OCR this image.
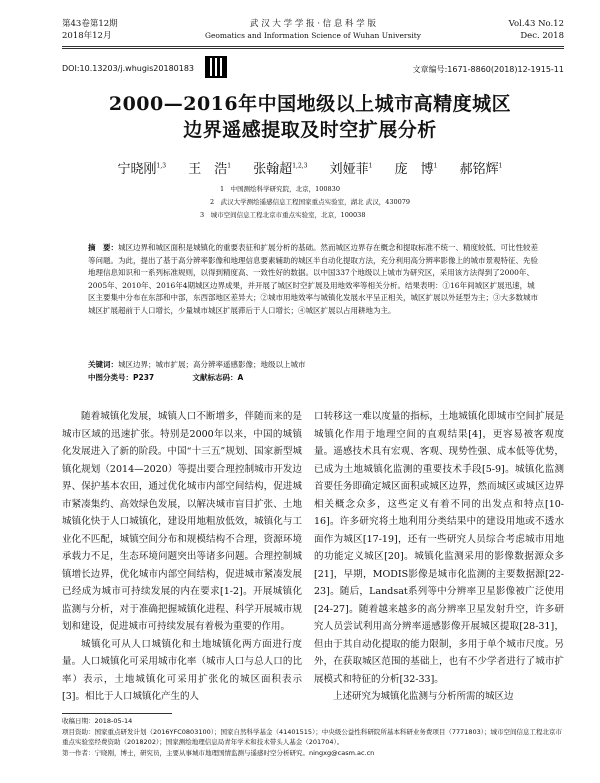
第43卷第12期
2018年12月
武 汉 大 学 学 报 · 信 息 科 学 版
Geomatics and Information Science of Wuhan University
Vol.43 No.12
Dec. 2018
DOI:10.13203/j.whugis20180183	文章编号:1671-8860(2018)12-1915-11
2000—2016年中国地级以上城市高精度城区
边界遥感提取及时空扩展分析
宁晓刚$^{1,3}$ 王　浩$^1$ 张翰超$^{1,2,3}$ 刘娅菲$^1$ 庞　博$^1$ 郝铭辉$^1$
1　中国测绘科学研究院，北京，100830
2　武汉大学测绘遥感信息工程国家重点实验室，湖北 武汉，430079
3　城市空间信息工程北京市重点实验室，北京，100038
摘　要：城区边界和城区面积是城镇化的重要表征和扩展分析的基础。然而城区边界存在概念和提取标准不统一、精度较低、可比性较差等问题。为此，提出了基于高分辨率影像和地理信息要素辅助的城区半自动化提取方法，充分利用高分辨率影像上的城市景观特征、先验地理信息知识和一系列标准规则，以得到精度高、一致性好的数据。以中国337个地级以上城市为研究区，采用该方法得到了2000年、2005年、2010年、2016年4期城区边界成果，并开展了城区时空扩展及用地效率等相关分析。结果表明：①16年间城区扩展迅速，城区主要集中分布在东部和中部，东西部地区差异大；②城市用地效率与城镇化发展水平呈正相关，城区扩展以外延型为主；③大多数城市城区扩展超前于人口增长，少量城市城区扩展滞后于人口增长；④城区扩展以占用耕地为主。
关键词：城区边界；城市扩展；高分辨率遥感影像；地级以上城市
中图分类号：P237	文献标志码：A

随着城镇化发展，城镇人口不断增多，伴随而来的是城市区域的迅速扩张。特别是2000年以来，中国的城镇化发展进入了新的阶段。中国“十三五”规划、国家新型城镇化规划（2014—2020）等提出要合理控制城市开发边界、保护基本农田，通过优化城市内部空间结构，促进城市紧凑集约、高效绿色发展，以解决城市盲目扩张、土地城镇化快于人口城镇化，建设用地粗放低效，城镇化与工业化不匹配，城镇空间分布和规模结构不合理，资源环境承载力不足，生态环境问题突出等诸多问题。合理控制城镇增长边界，优化城市内部空间结构，促进城市紧凑发展已经成为城市可持续发展的内在要求[1-2]。开展城镇化监测与分析，对于准确把握城镇化进程、科学开展城市规划和建设，促进城市可持续发展有着极为重要的作用。

城镇化可从人口城镇化和土地城镇化两方面进行度量。人口城镇化可采用城市化率（城市人口与总人口的比率）表示，土地城镇化可采用扩张化的城区面积表示[3]。相比于人口城镇化产生的人

口转移这一难以度量的指标，土地城镇化即城市空间扩展是城镇化作用于地理空间的直观结果[4]，更容易被客观度量。遥感技术具有宏观、客观、现势性强、成本低等优势，已成为土地城镇化监测的重要技术手段[5-9]。城镇化监测首要任务即确定城区面积或城区边界，然而城区或城区边界相关概念众多，这些定义有着不同的出发点和特点[10-16]。许多研究将土地利用分类结果中的建设用地或不透水面作为城区[17-19]，还有一些研究人员综合考虑城市用地的功能定义城区[20]。城镇化监测采用的影像数据源众多[21]，早期，MODIS影像是城市化监测的主要数据源[22-23]。随后，Landsat系列等中分辨率卫星影像被广泛使用[24-27]。随着越来越多的高分辨率卫星发射升空，许多研究人员尝试利用高分辨率遥感影像开展城区提取[28-31]，但由于其自动化提取的能力限制，多用于单个城市尺度。另外，在获取城区范围的基础上，也有不少学者进行了城市扩展模式和特征的分析[32-33]。

上述研究为城镇化监测与分析所需的城区边

收稿日期：2018-05-14
项目资助：国家重点研发计划（2016YFC0803100）；国家自然科学基金（41401515）；中央级公益性科研院所基本科研业务费项目（7771803）；城市空间信息工程北京市重点实验室经费资助（2018202）；国家测绘地理信息局青年学术和技术带头人基金（201704）。
第一作者：宁晓刚，博士，研究员，主要从事城市地理国情监测与遥感时空分析研究。ningxg@casm.ac.cn
